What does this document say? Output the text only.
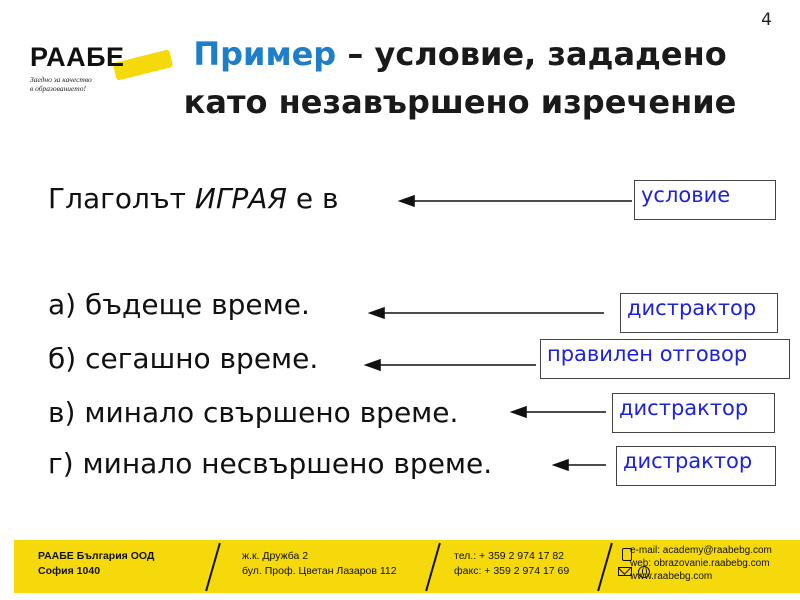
4
РААБЕ
Заедно за качество
в образованието!
Пример – условие, зададено
като незавършено изречение
Глаголът ИГРАЯ е в
а) бъдеще време.
б) сегашно време.
в) минало свършено време.
г) минало несвършено време.
условие
дистрактор
правилен отговор
дистрактор
дистрактор
РААБЕ България ООД
София 1040
ж.к. Дружба 2
бул. Проф. Цветан Лазаров 112
тел.: + 359 2 974 17 82
факс: + 359 2 974 17 69
e-mail: academy@raabebg.com
web: obrazovanie.raabebg.com
www.raabebg.com
